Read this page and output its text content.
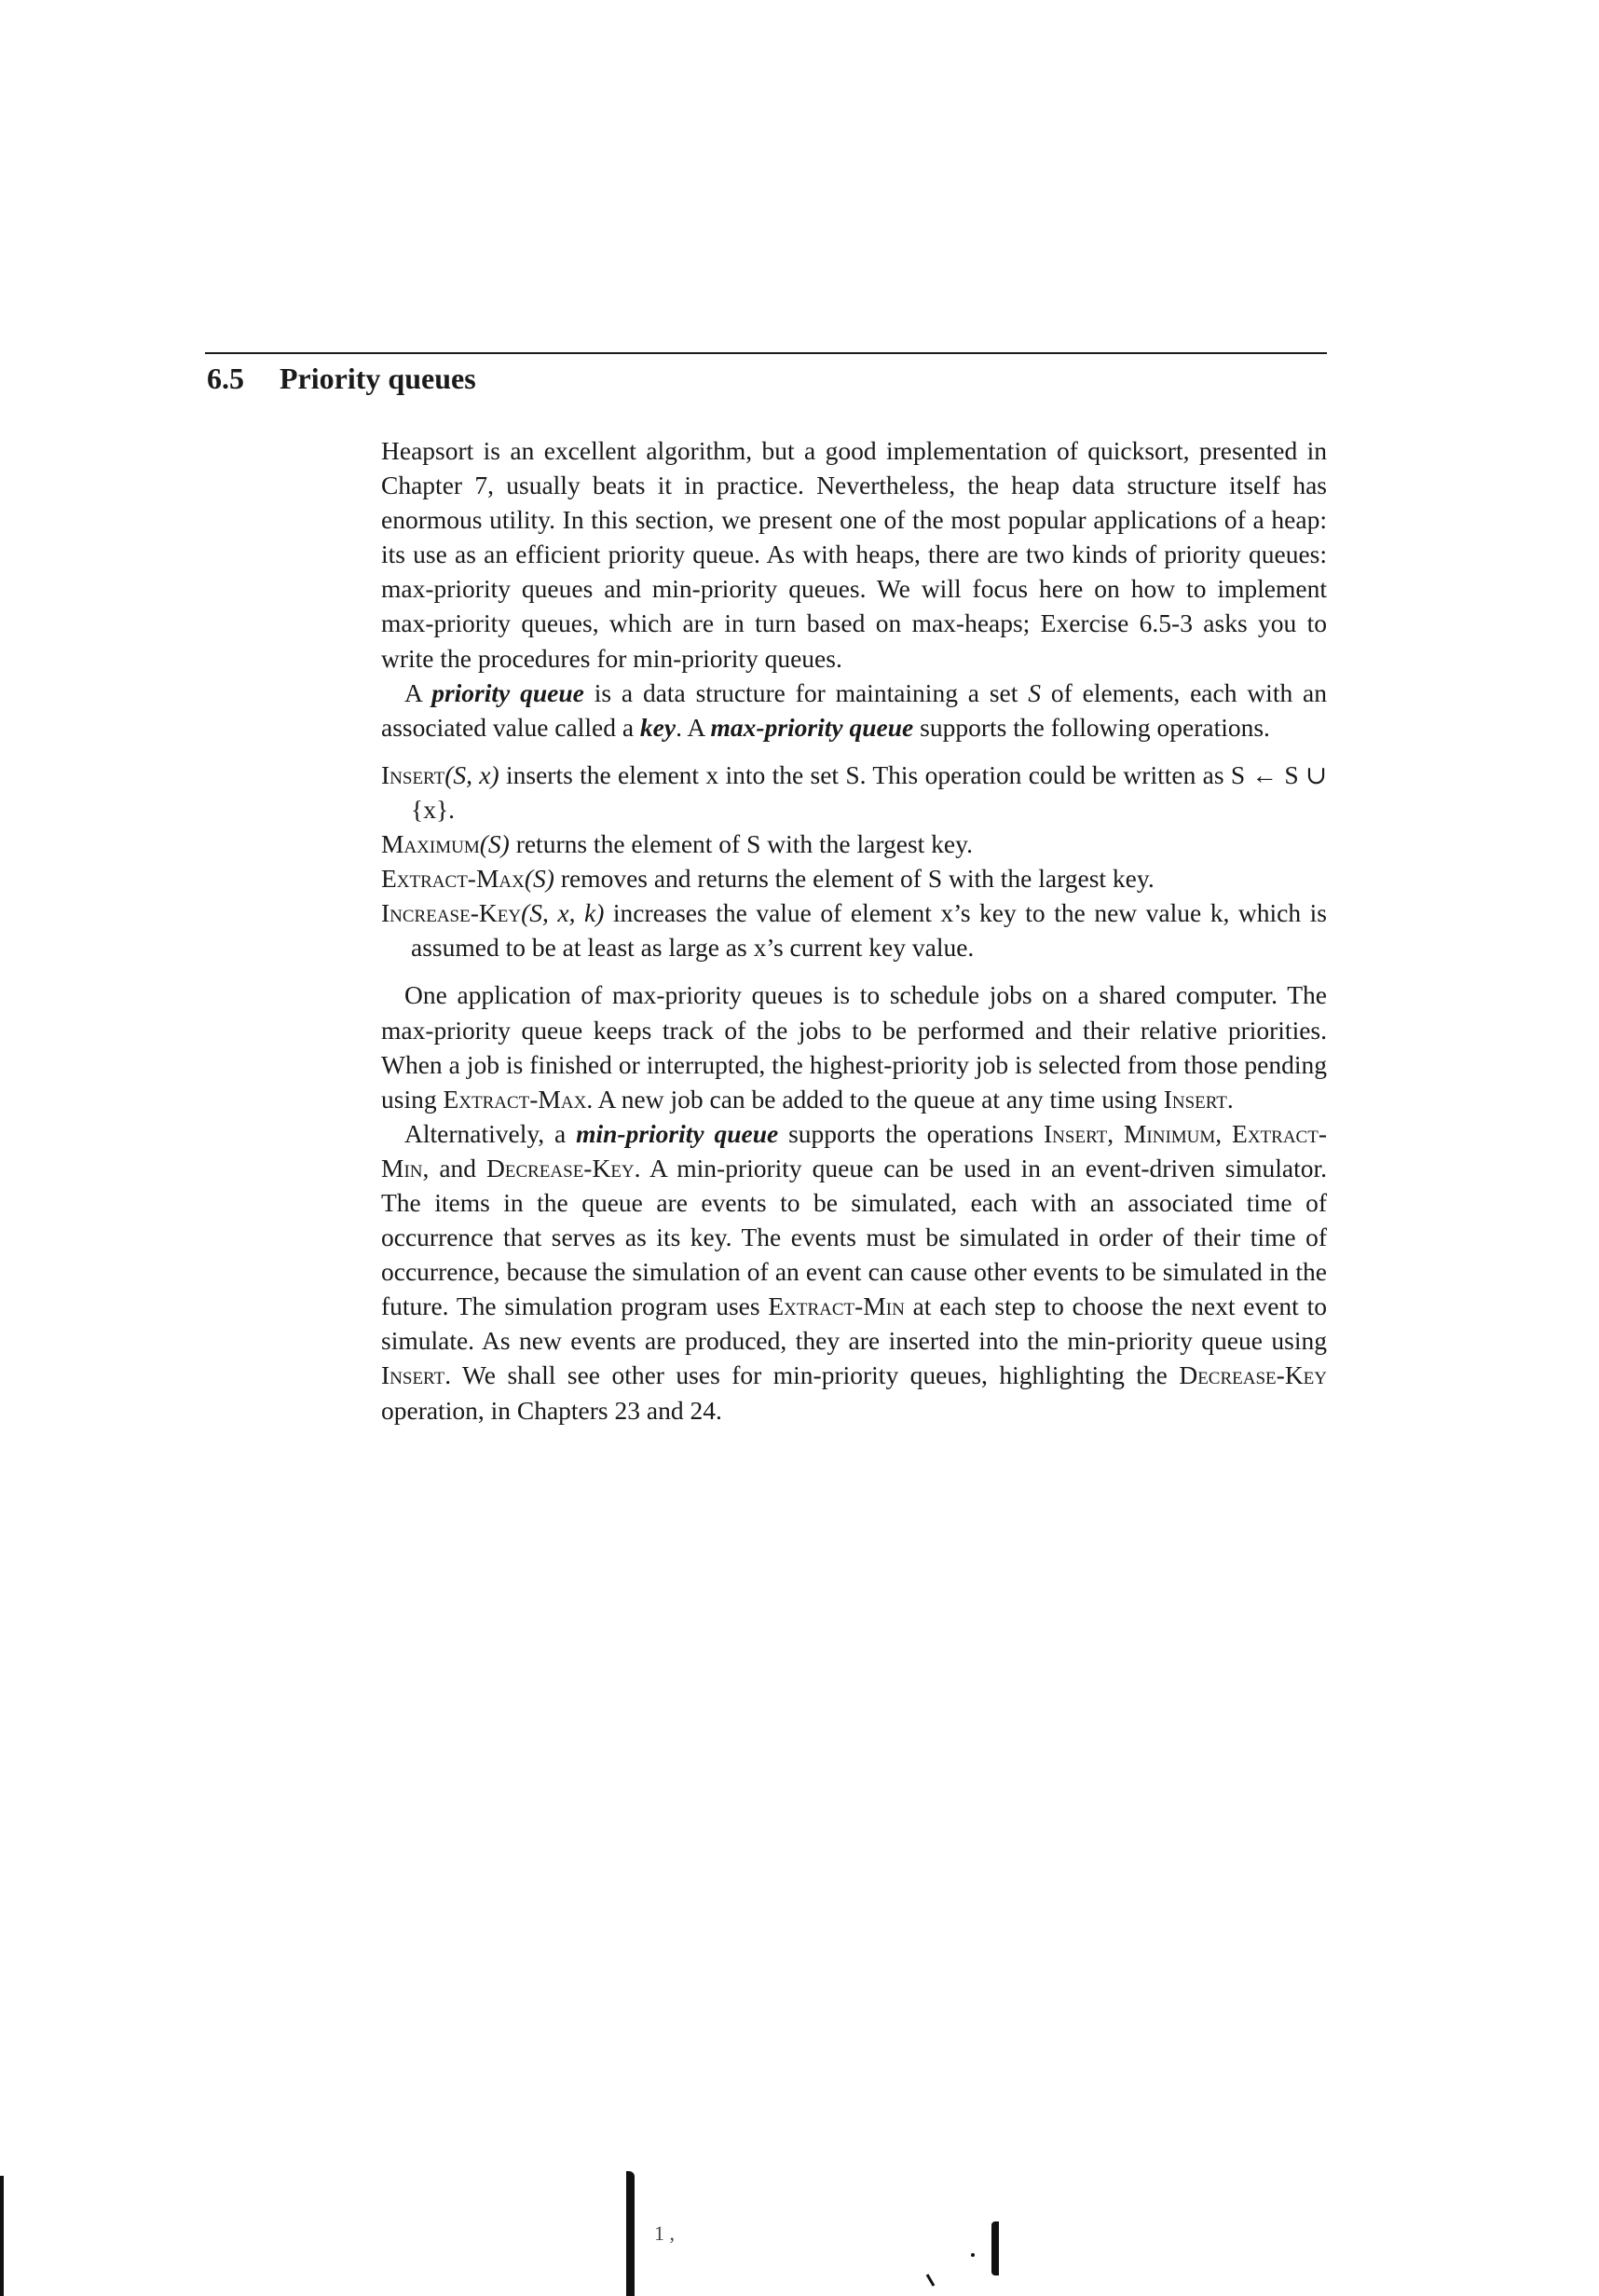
6.5 Priority queues

Heapsort is an excellent algorithm, but a good implementation of quicksort, presented in Chapter 7, usually beats it in practice. Nevertheless, the heap data structure itself has enormous utility. In this section, we present one of the most popular applications of a heap: its use as an efficient priority queue. As with heaps, there are two kinds of priority queues: max-priority queues and min-priority queues. We will focus here on how to implement max-priority queues, which are in turn based on max-heaps; Exercise 6.5-3 asks you to write the procedures for min-priority queues.

A priority queue is a data structure for maintaining a set S of elements, each with an associated value called a key. A max-priority queue supports the following operations.

Insert(S, x) inserts the element x into the set S. This operation could be written as S ← S ∪ {x}.

Maximum(S) returns the element of S with the largest key.

Extract-Max(S) removes and returns the element of S with the largest key.

Increase-Key(S, x, k) increases the value of element x’s key to the new value k, which is assumed to be at least as large as x’s current key value.

One application of max-priority queues is to schedule jobs on a shared computer. The max-priority queue keeps track of the jobs to be performed and their relative priorities. When a job is finished or interrupted, the highest-priority job is selected from those pending using Extract-Max. A new job can be added to the queue at any time using Insert.

Alternatively, a min-priority queue supports the operations Insert, Minimum, Extract-Min, and Decrease-Key. A min-priority queue can be used in an event-driven simulator. The items in the queue are events to be simulated, each with an associated time of occurrence that serves as its key. The events must be simulated in order of their time of occurrence, because the simulation of an event can cause other events to be simulated in the future. The simulation program uses Extract-Min at each step to choose the next event to simulate. As new events are produced, they are inserted into the min-priority queue using Insert. We shall see other uses for min-priority queues, highlighting the Decrease-Key operation, in Chapters 23 and 24.

1 ,
